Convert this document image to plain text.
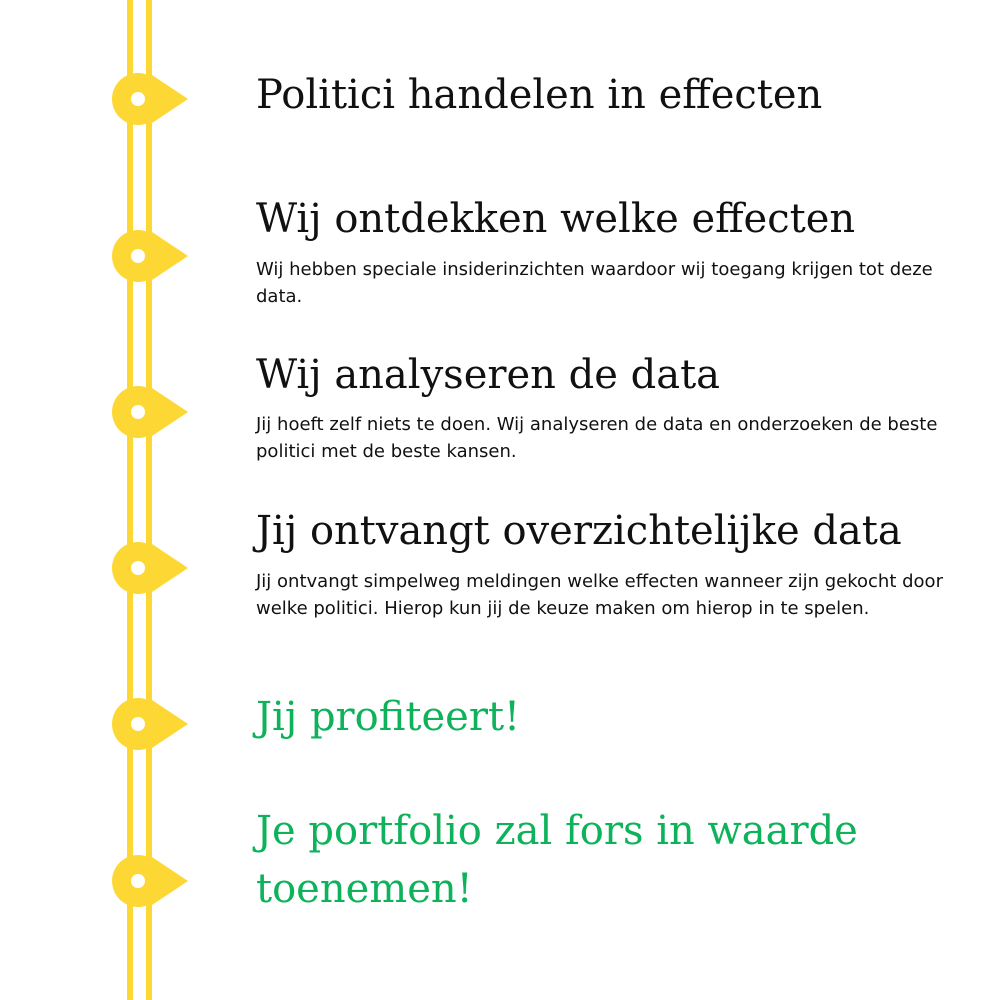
Politici handelen in effecten
Wij ontdekken welke effecten

Wij hebben speciale insiderinzichten waardoor wij toegang krijgen tot deze data.

Wij analyseren de data

Jij hoeft zelf niets te doen. Wij analyseren de data en onderzoeken de beste politici met de beste kansen.

Jij ontvangt overzichtelijke data

Jij ontvangt simpelweg meldingen welke effecten wanneer zijn gekocht door welke politici. Hierop kun jij de keuze maken om hierop in te spelen.

Jij profiteert!
Je portfolio zal fors in waarde toenemen!
